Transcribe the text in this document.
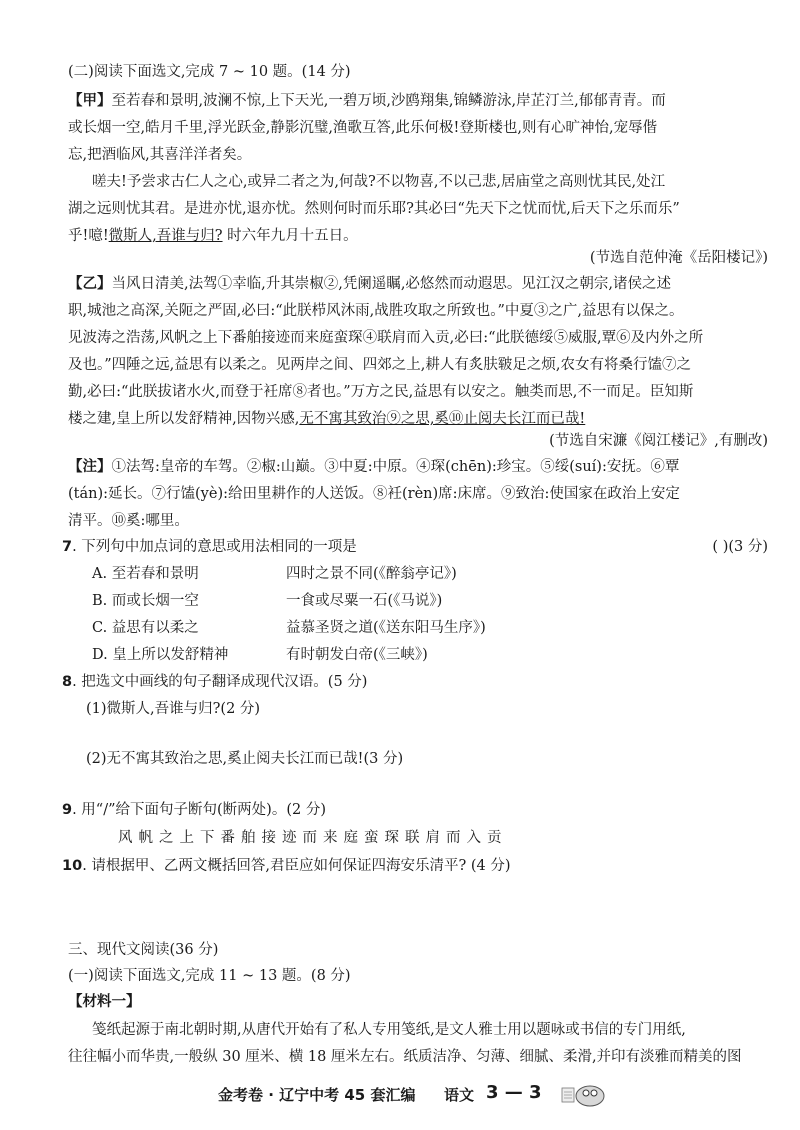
(二)阅读下面选文,完成 7 ~ 10 题。(14 分)
【甲】至若春和景明,波澜不惊,上下天光,一碧万顷,沙鸥翔集,锦鳞游泳,岸芷汀兰,郁郁青青。而
或长烟一空,皓月千里,浮光跃金,静影沉璧,渔歌互答,此乐何极!登斯楼也,则有心旷神怡,宠辱偕
忘,把酒临风,其喜洋洋者矣。
嗟夫!予尝求古仁人之心,或异二者之为,何哉?不以物喜,不以己悲,居庙堂之高则忧其民,处江
湖之远则忧其君。是进亦忧,退亦忧。然则何时而乐耶?其必曰“先天下之忧而忧,后天下之乐而乐”
乎!噫!微斯人,吾谁与归? 时六年九月十五日。
(节选自范仲淹《岳阳楼记》)
【乙】当风日清美,法驾①幸临,升其崇椒②,凭阑遥瞩,必悠然而动遐思。见江汉之朝宗,诸侯之述
职,城池之高深,关阨之严固,必曰:“此朕栉风沐雨,战胜攻取之所致也。”中夏③之广,益思有以保之。
见波涛之浩荡,风帆之上下番舶接迹而来庭蛮琛④联肩而入贡,必曰:“此朕德绥⑤威服,覃⑥及内外之所
及也。”四陲之远,益思有以柔之。见两岸之间、四郊之上,耕人有炙肤皲足之烦,农女有将桑行馌⑦之
勤,必曰:“此朕拔诸水火,而登于衽席⑧者也。”万方之民,益思有以安之。触类而思,不一而足。臣知斯
楼之建,皇上所以发舒精神,因物兴感,无不寓其致治⑨之思,奚⑩止阅夫长江而已哉!
(节选自宋濂《阅江楼记》,有删改)
【注】①法驾:皇帝的车驾。②椒:山巅。③中夏:中原。④琛(chēn):珍宝。⑤绥(suí):安抚。⑥覃
(tán):延长。⑦行馌(yè):给田里耕作的人送饭。⑧衽(rèn)席:床席。⑨致治:使国家在政治上安定
清平。⑩奚:哪里。
7. 下列句中加点词的意思或用法相同的一项是	( )(3 分)
A. 至若春和景明	四时之景不同(《醉翁亭记》)
B. 而或长烟一空	一食或尽粟一石(《马说》)
C. 益思有以柔之	益慕圣贤之道(《送东阳马生序》)
D. 皇上所以发舒精神	有时朝发白帝(《三峡》)
8. 把选文中画线的句子翻译成现代汉语。(5 分)
(1)微斯人,吾谁与归?(2 分)
(2)无不寓其致治之思,奚止阅夫长江而已哉!(3 分)
9. 用“/”给下面句子断句(断两处)。(2 分)
风帆之上下番舶接迹而来庭蛮琛联肩而入贡
10. 请根据甲、乙两文概括回答,君臣应如何保证四海安乐清平? (4 分)
三、现代文阅读(36 分)
(一)阅读下面选文,完成 11 ~ 13 题。(8 分)
【材料一】
笺纸起源于南北朝时期,从唐代开始有了私人专用笺纸,是文人雅士用以题咏或书信的专门用纸,
往往幅小而华贵,一般纵 30 厘米、横 18 厘米左右。纸质洁净、匀薄、细腻、柔滑,并印有淡雅而精美的图
金考卷 · 辽宁中考 45 套汇编 语文 3 — 3
